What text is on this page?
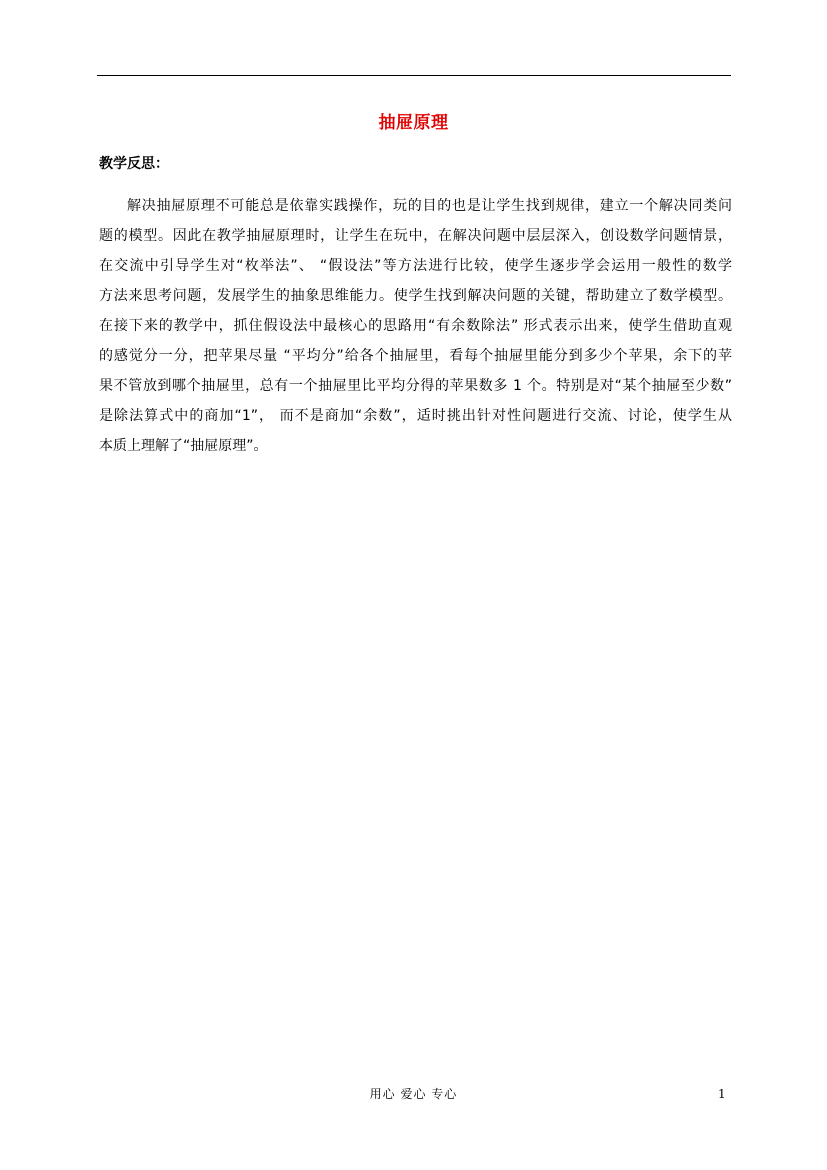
抽屉原理
教学反思：
解决抽屉原理不可能总是依靠实践操作，玩的目的也是让学生找到规律，建立一个解决同类问
题的模型。因此在教学抽屉原理时，让学生在玩中，在解决问题中层层深入，创设数学问题情景，
在交流中引导学生对“枚举法”、 “假设法”等方法进行比较，使学生逐步学会运用一般性的数学
方法来思考问题，发展学生的抽象思维能力。使学生找到解决问题的关键，帮助建立了数学模型。
在接下来的教学中，抓住假设法中最核心的思路用“有余数除法” 形式表示出来，使学生借助直观
的感觉分一分，把苹果尽量 “平均分”给各个抽屉里，看每个抽屉里能分到多少个苹果，余下的苹
果不管放到哪个抽屉里，总有一个抽屉里比平均分得的苹果数多 1 个。特别是对“某个抽屉至少数”
是除法算式中的商加“1”， 而不是商加“余数”，适时挑出针对性问题进行交流、讨论，使学生从
本质上理解了“抽屉原理”。
用心 爱心 专心	1
